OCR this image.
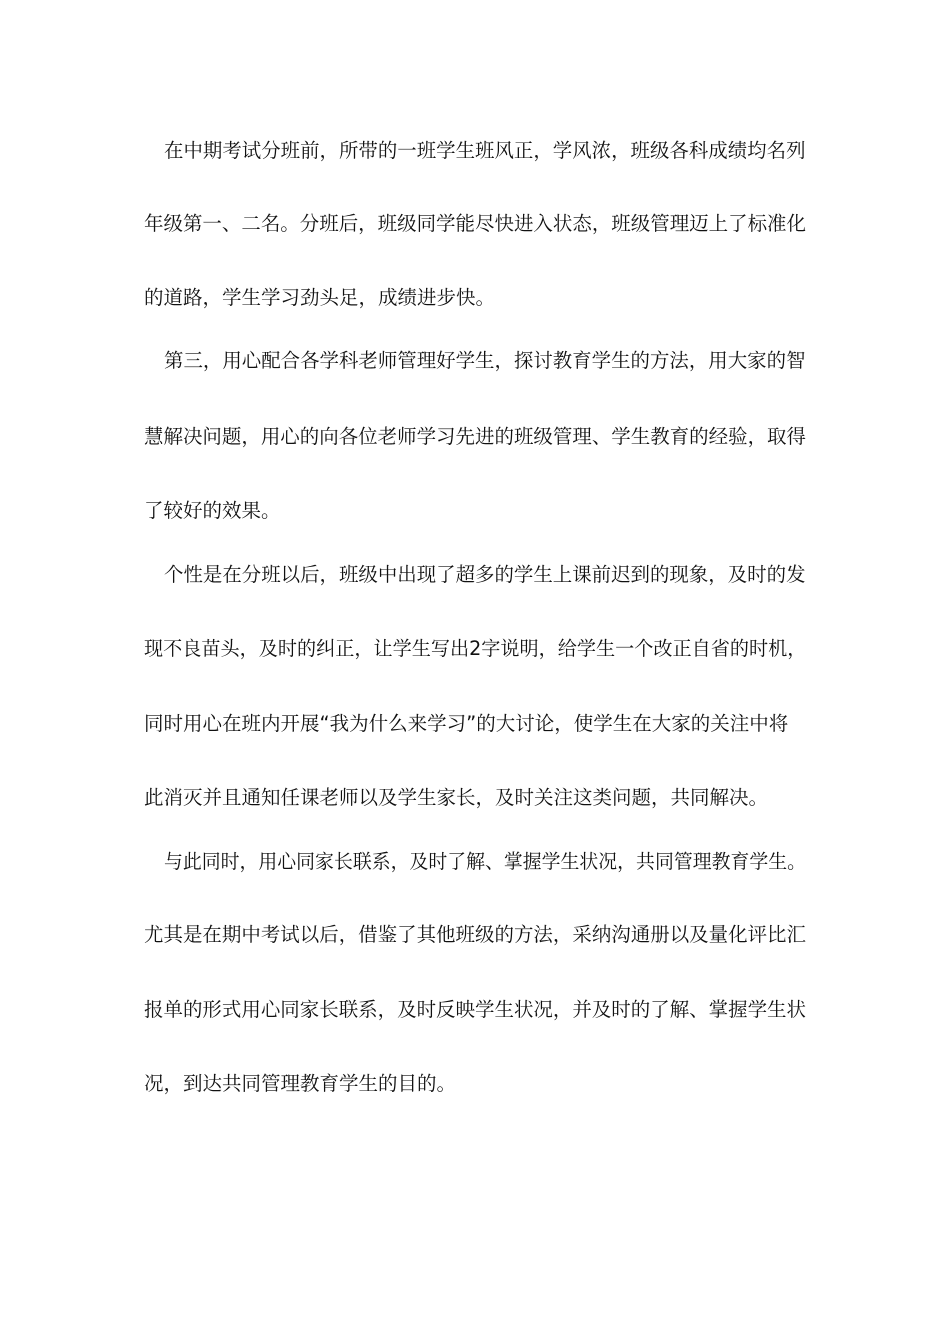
在中期考试分班前，所带的一班学生班风正，学风浓，班级各科成绩均名列
年级第一、二名。分班后，班级同学能尽快进入状态，班级管理迈上了标准化
的道路，学生学习劲头足，成绩进步快。
第三，用心配合各学科老师管理好学生，探讨教育学生的方法，用大家的智
慧解决问题，用心的向各位老师学习先进的班级管理、学生教育的经验，取得
了较好的效果。
个性是在分班以后，班级中出现了超多的学生上课前迟到的现象，及时的发
现不良苗头，及时的纠正，让学生写出2字说明，给学生一个改正自省的时机，
同时用心在班内开展“我为什么来学习”的大讨论，使学生在大家的关注中将
此消灭并且通知任课老师以及学生家长，及时关注这类问题，共同解决。
与此同时，用心同家长联系，及时了解、掌握学生状况，共同管理教育学生。
尤其是在期中考试以后，借鉴了其他班级的方法，采纳沟通册以及量化评比汇
报单的形式用心同家长联系，及时反映学生状况，并及时的了解、掌握学生状
况，到达共同管理教育学生的目的。
